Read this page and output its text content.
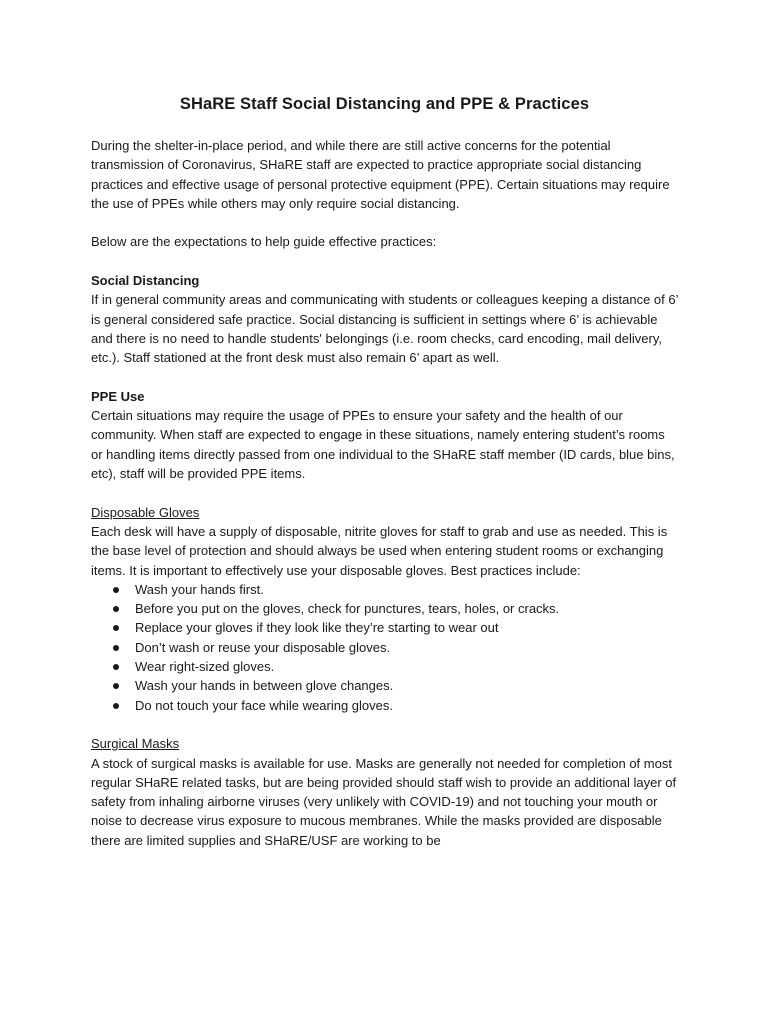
SHaRE Staff Social Distancing and PPE & Practices

During the shelter-in-place period, and while there are still active concerns for the potential transmission of Coronavirus, SHaRE staff are expected to practice appropriate social distancing practices and effective usage of personal protective equipment (PPE). Certain situations may require the use of PPEs while others may only require social distancing.

Below are the expectations to help guide effective practices:

Social Distancing

If in general community areas and communicating with students or colleagues keeping a distance of 6’ is general considered safe practice. Social distancing is sufficient in settings where 6’ is achievable and there is no need to handle students' belongings (i.e. room checks, card encoding, mail delivery, etc.). Staff stationed at the front desk must also remain 6’ apart as well.

PPE Use

Certain situations may require the usage of PPEs to ensure your safety and the health of our community. When staff are expected to engage in these situations, namely entering student’s rooms or handling items directly passed from one individual to the SHaRE staff member (ID cards, blue bins, etc), staff will be provided PPE items.

Disposable Gloves

Each desk will have a supply of disposable, nitrite gloves for staff to grab and use as needed. This is the base level of protection and should always be used when entering student rooms or exchanging items. It is important to effectively use your disposable gloves. Best practices include:

Wash your hands first.
Before you put on the gloves, check for punctures, tears, holes, or cracks.
Replace your gloves if they look like they’re starting to wear out
Don’t wash or reuse your disposable gloves.
Wear right-sized gloves.
Wash your hands in between glove changes.
Do not touch your face while wearing gloves.

Surgical Masks

A stock of surgical masks is available for use. Masks are generally not needed for completion of most regular SHaRE related tasks, but are being provided should staff wish to provide an additional layer of safety from inhaling airborne viruses (very unlikely with COVID-19) and not touching your mouth or noise to decrease virus exposure to mucous membranes. While the masks provided are disposable there are limited supplies and SHaRE/USF are working to be
